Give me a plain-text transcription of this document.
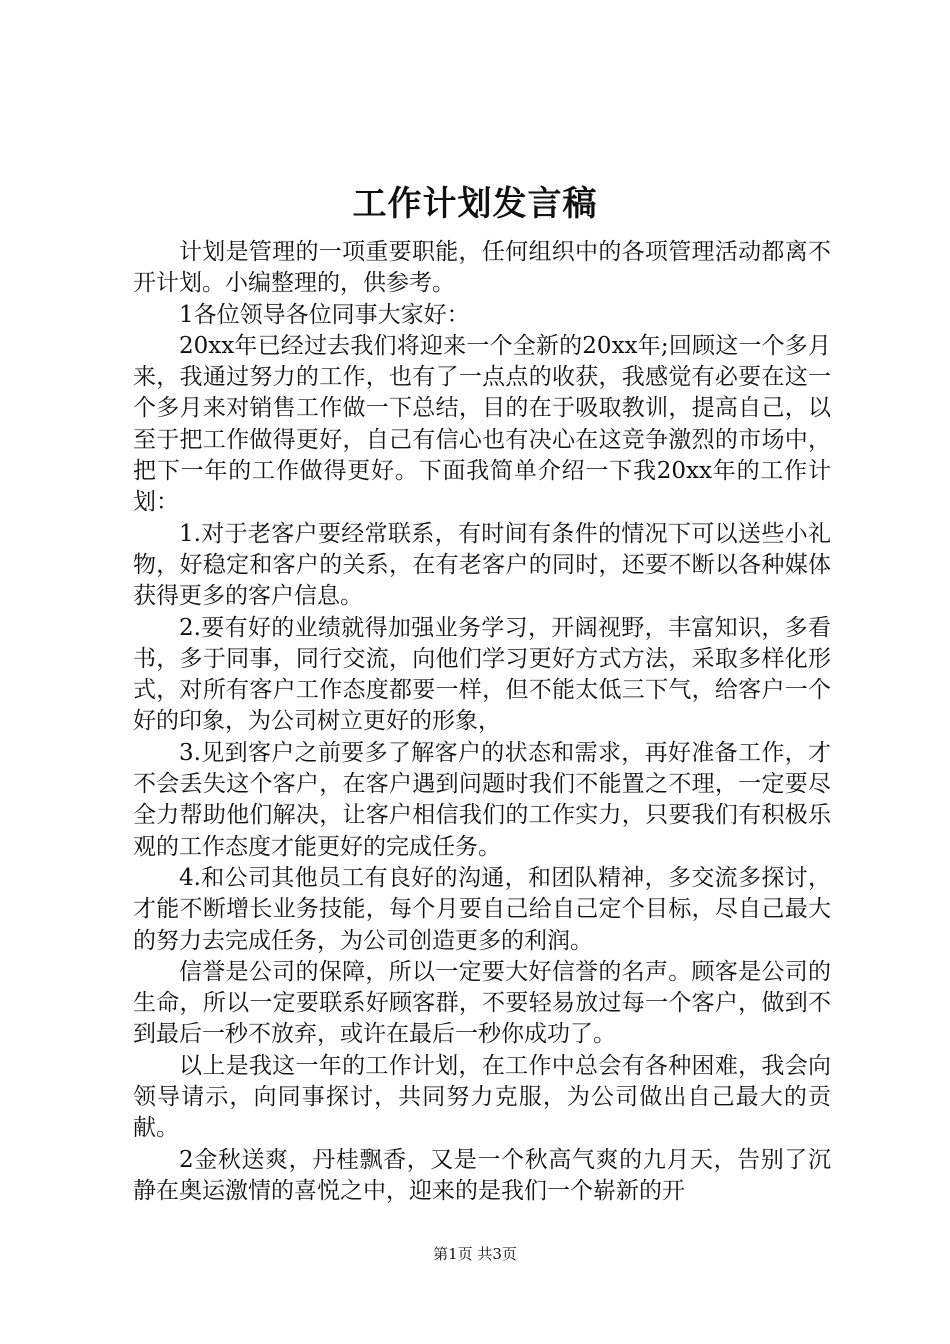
工作计划发言稿

计划是管理的一项重要职能，任何组织中的各项管理活动都离不开计划。小编整理的，供参考。

1各位领导各位同事大家好：

20xx年已经过去我们将迎来一个全新的20xx年;回顾这一个多月来，我通过努力的工作，也有了一点点的收获，我感觉有必要在这一个多月来对销售工作做一下总结，目的在于吸取教训，提高自己，以至于把工作做得更好，自己有信心也有决心在这竞争激烈的市场中，把下一年的工作做得更好。下面我简单介绍一下我20xx年的工作计划：

1.对于老客户要经常联系，有时间有条件的情况下可以送些小礼物，好稳定和客户的关系，在有老客户的同时，还要不断以各种媒体获得更多的客户信息。

2.要有好的业绩就得加强业务学习，开阔视野，丰富知识，多看书，多于同事，同行交流，向他们学习更好方式方法，采取多样化形式，对所有客户工作态度都要一样，但不能太低三下气，给客户一个好的印象，为公司树立更好的形象，

3.见到客户之前要多了解客户的状态和需求，再好准备工作，才不会丢失这个客户，在客户遇到问题时我们不能置之不理，一定要尽全力帮助他们解决，让客户相信我们的工作实力，只要我们有积极乐观的工作态度才能更好的完成任务。

4.和公司其他员工有良好的沟通，和团队精神，多交流多探讨，才能不断增长业务技能，每个月要自己给自己定个目标，尽自己最大的努力去完成任务，为公司创造更多的利润。

信誉是公司的保障，所以一定要大好信誉的名声。顾客是公司的生命，所以一定要联系好顾客群，不要轻易放过每一个客户，做到不到最后一秒不放弃，或许在最后一秒你成功了。

以上是我这一年的工作计划，在工作中总会有各种困难，我会向领导请示，向同事探讨，共同努力克服，为公司做出自己最大的贡献。

2金秋送爽，丹桂飘香，又是一个秋高气爽的九月天，告别了沉静在奥运激情的喜悦之中，迎来的是我们一个崭新的开

第1页 共3页
